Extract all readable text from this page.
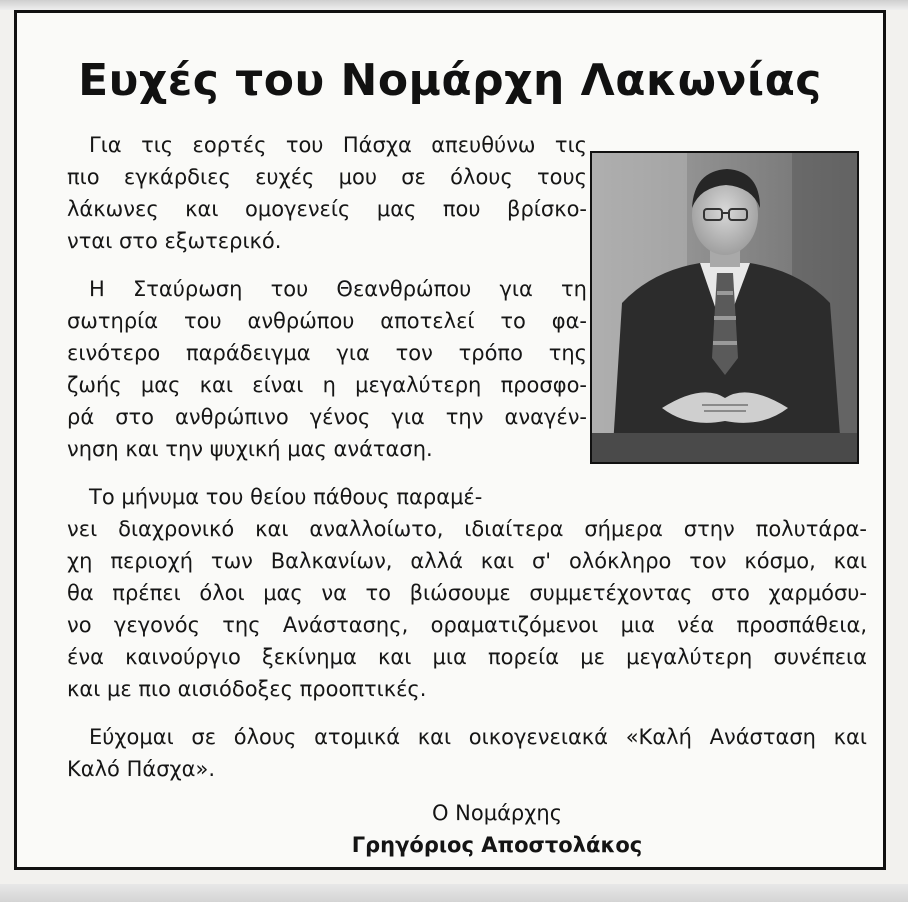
Ευχές του Νομάρχη Λακωνίας

Για τις εορτές του Πάσχα απευθύνω τις
πιο εγκάρδιες ευχές μου σε όλους τους
λάκωνες και ομογενείς μας που βρίσκο-
νται στο εξωτερικό.

Η Σταύρωση του Θεανθρώπου για τη
σωτηρία του ανθρώπου αποτελεί το φα-
εινότερο παράδειγμα για τον τρόπο της
ζωής μας και είναι η μεγαλύτερη προσφο-
ρά στο ανθρώπινο γένος για την αναγέν-
νηση και την ψυχική μας ανάταση.

Το μήνυμα του θείου πάθους παραμέ-
νει διαχρονικό και αναλλοίωτο, ιδιαίτερα σήμερα στην πολυτάρα-
χη περιοχή των Βαλκανίων, αλλά και σ' ολόκληρο τον κόσμο, και
θα πρέπει όλοι μας να το βιώσουμε συμμετέχοντας στο χαρμόσυ-
νο γεγονός της Ανάστασης, οραματιζόμενοι μια νέα προσπάθεια,
ένα καινούργιο ξεκίνημα και μια πορεία με μεγαλύτερη συνέπεια
και με πιο αισιόδοξες προοπτικές.

Εύχομαι σε όλους ατομικά και οικογενειακά «Καλή Ανάσταση και
Καλό Πάσχα».

Ο Νομάρχης
Γρηγόριος Αποστολάκος
